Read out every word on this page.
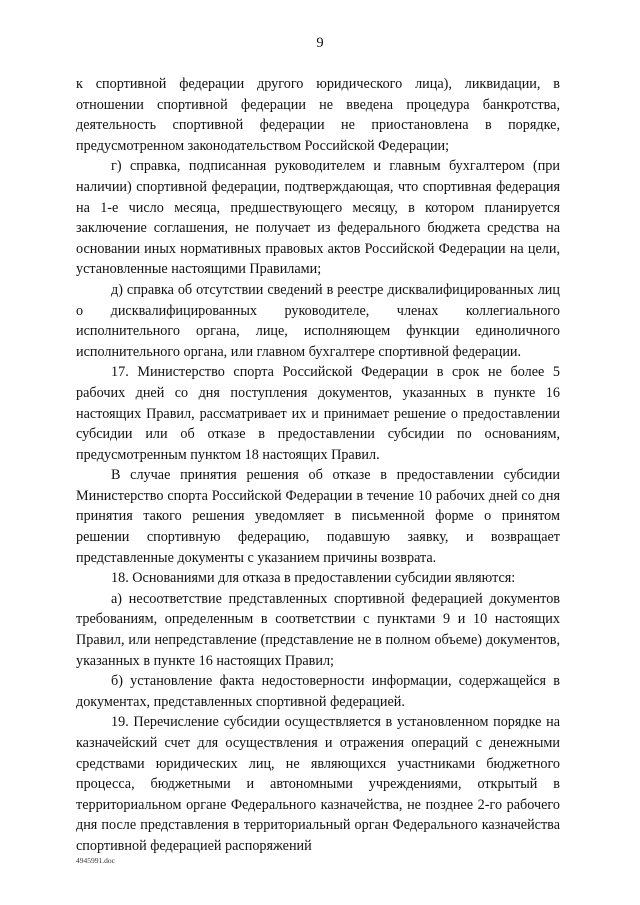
9

к спортивной федерации другого юридического лица), ликвидации, в отношении спортивной федерации не введена процедура банкротства, деятельность спортивной федерации не приостановлена в порядке, предусмотренном законодательством Российской Федерации;

г) справка, подписанная руководителем и главным бухгалтером (при наличии) спортивной федерации, подтверждающая, что спортивная федерация на 1-е число месяца, предшествующего месяцу, в котором планируется заключение соглашения, не получает из федерального бюджета средства на основании иных нормативных правовых актов Российской Федерации на цели, установленные настоящими Правилами;

д) справка об отсутствии сведений в реестре дисквалифицированных лиц о дисквалифицированных руководителе, членах коллегиального исполнительного органа, лице, исполняющем функции единоличного исполнительного органа, или главном бухгалтере спортивной федерации.

17. Министерство спорта Российской Федерации в срок не более 5 рабочих дней со дня поступления документов, указанных в пункте 16 настоящих Правил, рассматривает их и принимает решение о предоставлении субсидии или об отказе в предоставлении субсидии по основаниям, предусмотренным пунктом 18 настоящих Правил.

В случае принятия решения об отказе в предоставлении субсидии Министерство спорта Российской Федерации в течение 10 рабочих дней со дня принятия такого решения уведомляет в письменной форме о принятом решении спортивную федерацию, подавшую заявку, и возвращает представленные документы с указанием причины возврата.

18. Основаниями для отказа в предоставлении субсидии являются:

а) несоответствие представленных спортивной федерацией документов требованиям, определенным в соответствии с пунктами 9 и 10 настоящих Правил, или непредставление (представление не в полном объеме) документов, указанных в пункте 16 настоящих Правил;

б) установление факта недостоверности информации, содержащейся в документах, представленных спортивной федерацией.

19. Перечисление субсидии осуществляется в установленном порядке на казначейский счет для осуществления и отражения операций с денежными средствами юридических лиц, не являющихся участниками бюджетного процесса, бюджетными и автономными учреждениями, открытый в территориальном органе Федерального казначейства, не позднее 2-го рабочего дня после представления в территориальный орган Федерального казначейства спортивной федерацией распоряжений

4945991.doc
